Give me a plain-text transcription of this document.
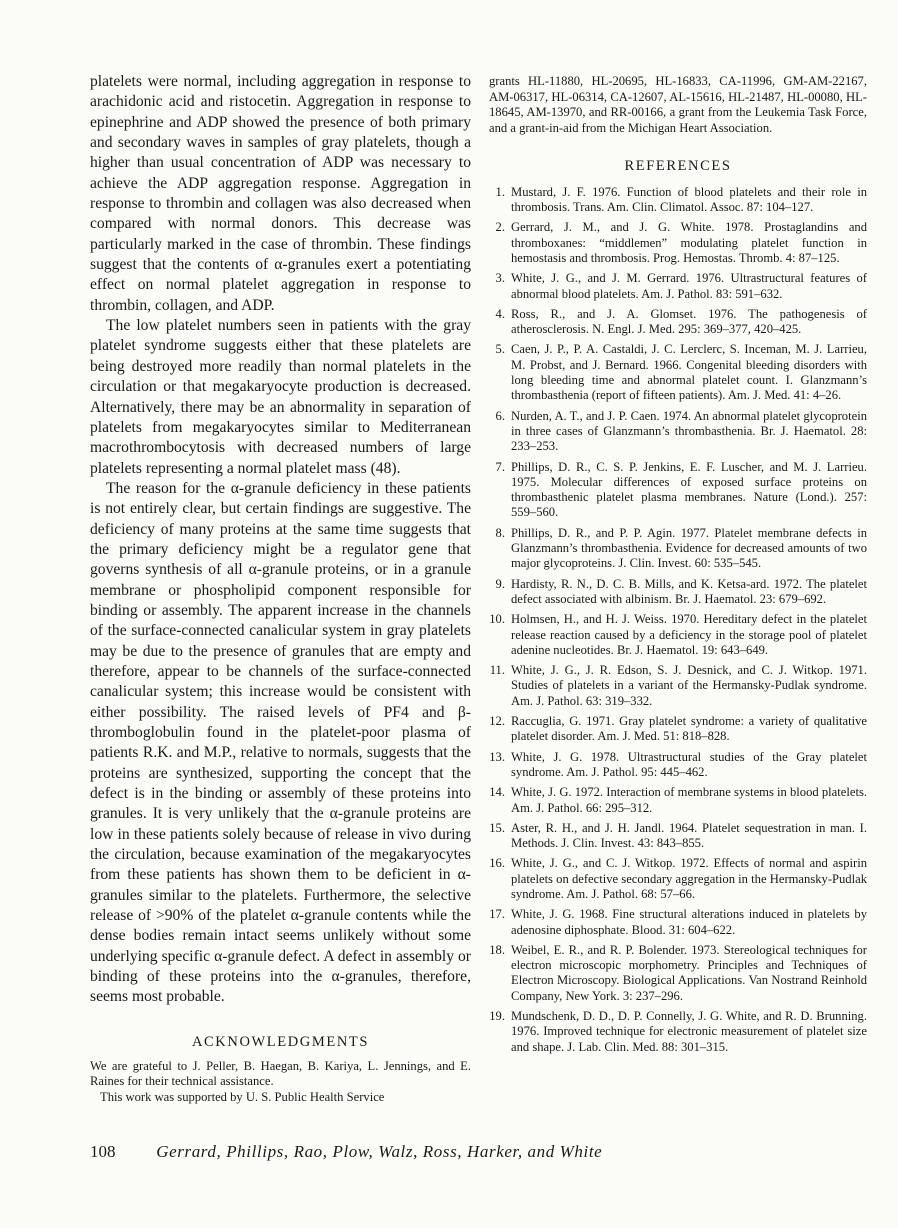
platelets were normal, including aggregation in response to arachidonic acid and ristocetin. Aggregation in response to epinephrine and ADP showed the presence of both primary and secondary waves in samples of gray platelets, though a higher than usual concentration of ADP was necessary to achieve the ADP aggregation response. Aggregation in response to thrombin and collagen was also decreased when compared with normal donors. This decrease was particularly marked in the case of thrombin. These findings suggest that the contents of α-granules exert a potentiating effect on normal platelet aggregation in response to thrombin, collagen, and ADP.

The low platelet numbers seen in patients with the gray platelet syndrome suggests either that these platelets are being destroyed more readily than normal platelets in the circulation or that megakaryocyte production is decreased. Alternatively, there may be an abnormality in separation of platelets from megakaryocytes similar to Mediterranean macrothrombocytosis with decreased numbers of large platelets representing a normal platelet mass (48).

The reason for the α-granule deficiency in these patients is not entirely clear, but certain findings are suggestive. The deficiency of many proteins at the same time suggests that the primary deficiency might be a regulator gene that governs synthesis of all α-granule proteins, or in a granule membrane or phospholipid component responsible for binding or assembly. The apparent increase in the channels of the surface-connected canalicular system in gray platelets may be due to the presence of granules that are empty and therefore, appear to be channels of the surface-connected canalicular system; this increase would be consistent with either possibility. The raised levels of PF4 and β-thromboglobulin found in the platelet-poor plasma of patients R.K. and M.P., relative to normals, suggests that the proteins are synthesized, supporting the concept that the defect is in the binding or assembly of these proteins into granules. It is very unlikely that the α-granule proteins are low in these patients solely because of release in vivo during the circulation, because examination of the megakaryocytes from these patients has shown them to be deficient in α-granules similar to the platelets. Furthermore, the selective release of >90% of the platelet α-granule contents while the dense bodies remain intact seems unlikely without some underlying specific α-granule defect. A defect in assembly or binding of these proteins into the α-granules, therefore, seems most probable.

ACKNOWLEDGMENTS

We are grateful to J. Peller, B. Haegan, B. Kariya, L. Jennings, and E. Raines for their technical assistance.

This work was supported by U. S. Public Health Service

grants HL-11880, HL-20695, HL-16833, CA-11996, GM-AM-22167, AM-06317, HL-06314, CA-12607, AL-15616, HL-21487, HL-00080, HL-18645, AM-13970, and RR-00166, a grant from the Leukemia Task Force, and a grant-in-aid from the Michigan Heart Association.

REFERENCES
1. Mustard, J. F. 1976. Function of blood platelets and their role in thrombosis. Trans. Am. Clin. Climatol. Assoc. 87: 104–127.
2. Gerrard, J. M., and J. G. White. 1978. Prostaglandins and thromboxanes: “middlemen” modulating platelet function in hemostasis and thrombosis. Prog. Hemostas. Thromb. 4: 87–125.
3. White, J. G., and J. M. Gerrard. 1976. Ultrastructural features of abnormal blood platelets. Am. J. Pathol. 83: 591–632.
4. Ross, R., and J. A. Glomset. 1976. The pathogenesis of atherosclerosis. N. Engl. J. Med. 295: 369–377, 420–425.
5. Caen, J. P., P. A. Castaldi, J. C. Lerclerc, S. Inceman, M. J. Larrieu, M. Probst, and J. Bernard. 1966. Congenital bleeding disorders with long bleeding time and abnormal platelet count. I. Glanzmann’s thrombasthenia (report of fifteen patients). Am. J. Med. 41: 4–26.
6. Nurden, A. T., and J. P. Caen. 1974. An abnormal platelet glycoprotein in three cases of Glanzmann’s thrombasthenia. Br. J. Haematol. 28: 233–253.
7. Phillips, D. R., C. S. P. Jenkins, E. F. Luscher, and M. J. Larrieu. 1975. Molecular differences of exposed surface proteins on thrombasthenic platelet plasma membranes. Nature (Lond.). 257: 559–560.
8. Phillips, D. R., and P. P. Agin. 1977. Platelet membrane defects in Glanzmann’s thrombasthenia. Evidence for decreased amounts of two major glycoproteins. J. Clin. Invest. 60: 535–545.
9. Hardisty, R. N., D. C. B. Mills, and K. Ketsa-ard. 1972. The platelet defect associated with albinism. Br. J. Haematol. 23: 679–692.
10. Holmsen, H., and H. J. Weiss. 1970. Hereditary defect in the platelet release reaction caused by a deficiency in the storage pool of platelet adenine nucleotides. Br. J. Haematol. 19: 643–649.
11. White, J. G., J. R. Edson, S. J. Desnick, and C. J. Witkop. 1971. Studies of platelets in a variant of the Hermansky-Pudlak syndrome. Am. J. Pathol. 63: 319–332.
12. Raccuglia, G. 1971. Gray platelet syndrome: a variety of qualitative platelet disorder. Am. J. Med. 51: 818–828.
13. White, J. G. 1978. Ultrastructural studies of the Gray platelet syndrome. Am. J. Pathol. 95: 445–462.
14. White, J. G. 1972. Interaction of membrane systems in blood platelets. Am. J. Pathol. 66: 295–312.
15. Aster, R. H., and J. H. Jandl. 1964. Platelet sequestration in man. I. Methods. J. Clin. Invest. 43: 843–855.
16. White, J. G., and C. J. Witkop. 1972. Effects of normal and aspirin platelets on defective secondary aggregation in the Hermansky-Pudlak syndrome. Am. J. Pathol. 68: 57–66.
17. White, J. G. 1968. Fine structural alterations induced in platelets by adenosine diphosphate. Blood. 31: 604–622.
18. Weibel, E. R., and R. P. Bolender. 1973. Stereological techniques for electron microscopic morphometry. Principles and Techniques of Electron Microscopy. Biological Applications. Van Nostrand Reinhold Company, New York. 3: 237–296.
19. Mundschenk, D. D., D. P. Connelly, J. G. White, and R. D. Brunning. 1976. Improved technique for electronic measurement of platelet size and shape. J. Lab. Clin. Med. 88: 301–315.
108 Gerrard, Phillips, Rao, Plow, Walz, Ross, Harker, and White
